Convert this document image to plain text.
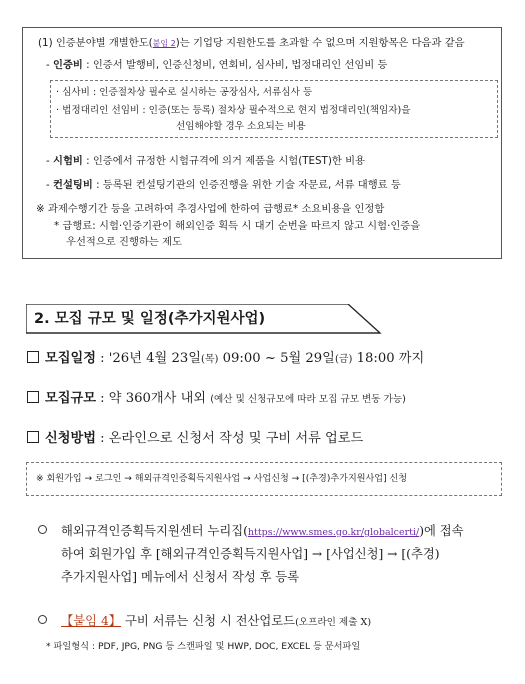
(1) 인증분야별 개별한도(붙임 2)는 기업당 지원한도를 초과할 수 없으며 지원항목은 다음과 같음
- 인증비 : 인증서 발행비, 인증신청비, 연회비, 심사비, 법정대리인 선임비 등
· 심사비 : 인증절차상 필수로 실시하는 공장심사, 서류심사 등
· 법정대리인 선임비 : 인증(또는 등록) 절차상 필수적으로 현지 법정대리인(책임자)을
선임해야할 경우 소요되는 비용
- 시험비 : 인증에서 규정한 시험규격에 의거 제품을 시험(TEST)한 비용
- 컨설팅비 : 등록된 컨설팅기관의 인증진행을 위한 기술 자문료, 서류 대행료 등
※ 과제수행기간 등을 고려하여 추경사업에 한하여 급행료* 소요비용을 인정함
* 급행료: 시험·인증기관이 해외인증 획득 시 대기 순번을 따르지 않고 시험·인증을
우선적으로 진행하는 제도
2. 모집 규모 및 일정(추가지원사업)
모집일정 : '26년 4월 23일(목) 09:00 ~ 5월 29일(금) 18:00 까지
모집규모 : 약 360개사 내외 (예산 및 신청규모에 따라 모집 규모 변동 가능)
신청방법 : 온라인으로 신청서 작성 및 구비 서류 업로드
※ 회원가입 → 로그인 → 해외규격인증획득지원사업 → 사업신청 → [(추경)추가지원사업] 신청
해외규격인증획득지원센터 누리집(https://www.smes.go.kr/globalcerti/)에 접속
하여 회원가입 후 [해외규격인증획득지원사업] → [사업신청] → [(추경)
추가지원사업] 메뉴에서 신청서 작성 후 등록
【붙임 4】 구비 서류는 신청 시 전산업로드(오프라인 제출 X)
* 파일형식 : PDF, JPG, PNG 등 스캔파일 및 HWP, DOC, EXCEL 등 문서파일
